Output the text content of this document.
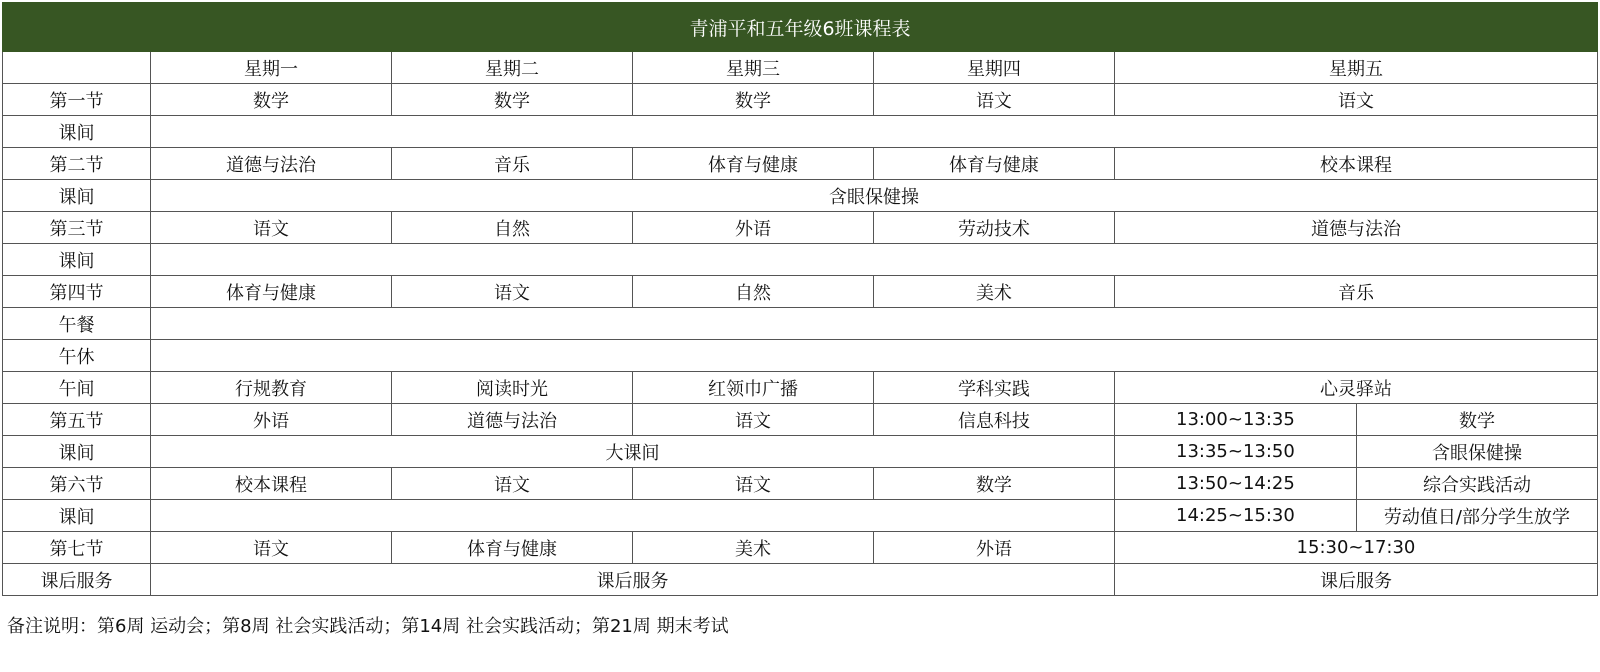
青浦平和五年级6班课程表						
	星期一	星期二	星期三	星期四	星期五	
第一节	数学	数学	数学	语文	语文	
课间						
第二节	道德与法治	音乐	体育与健康	体育与健康	校本课程	
课间	含眼保健操					
第三节	语文	自然	外语	劳动技术	道德与法治	
课间						
第四节	体育与健康	语文	自然	美术	音乐	
午餐						
午休						
午间	行规教育	阅读时光	红领巾广播	学科实践	心灵驿站	
第五节	外语	道德与法治	语文	信息科技	13:00~13:35	数学
课间	大课间				13:35~13:50	含眼保健操
第六节	校本课程	语文	语文	数学	13:50~14:25	综合实践活动
课间					14:25~15:30	劳动值日/部分学生放学
第七节	语文	体育与健康	美术	外语	15:30~17:30	
课后服务	课后服务				课后服务	
备注说明：第6周 运动会；第8周 社会实践活动；第14周 社会实践活动；第21周 期末考试
